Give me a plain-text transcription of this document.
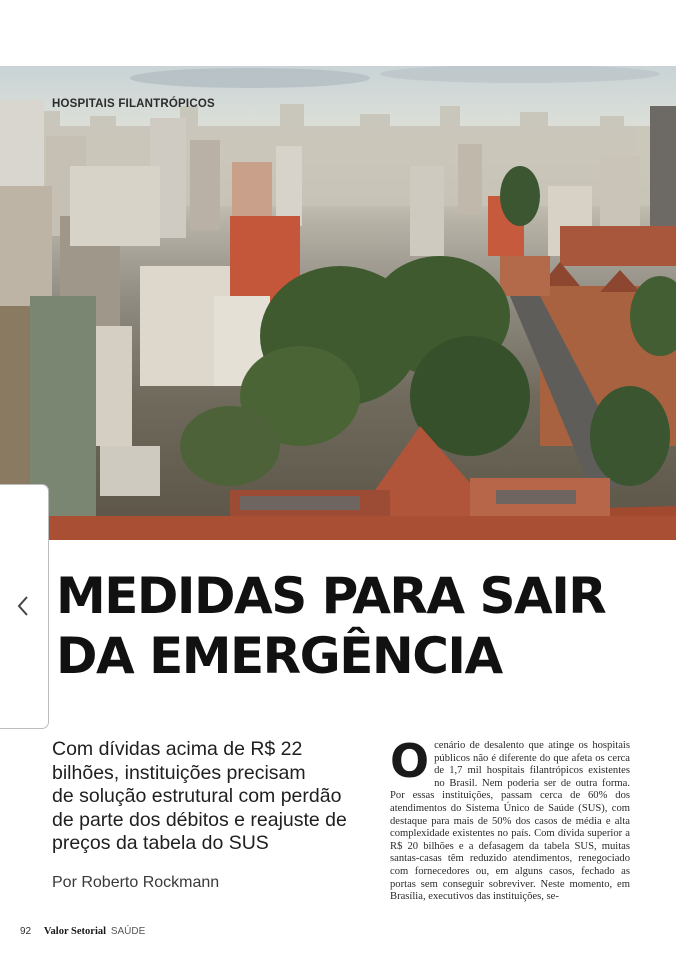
HOSPITAIS FILANTRÓPICOS
MEDIDAS PARA SAIR
DA EMERGÊNCIA
Com dívidas acima de R$ 22
bilhões, instituições precisam
de solução estrutural com perdão
de parte dos débitos e reajuste de
preços da tabela do SUS
Por Roberto Rockmann
O cenário de desalento que atinge os hospitais públicos não é diferente do que afeta os cerca de 1,7 mil hospitais filantrópicos existentes no Brasil. Nem poderia ser de outra forma. Por essas instituições, passam cerca de 60% dos atendimentos do Sistema Único de Saúde (SUS), com destaque para mais de 50% dos casos de média e alta complexidade existentes no país. Com dívida superior a R$ 20 bilhões e a defasagem da tabela SUS, muitas santas-casas têm reduzido atendimentos, renegociado com fornecedores ou, em alguns casos, fechado as portas sem conseguir sobreviver. Neste momento, em Brasília, executivos das instituições, se-
92 Valor Setorial SAÚDE
